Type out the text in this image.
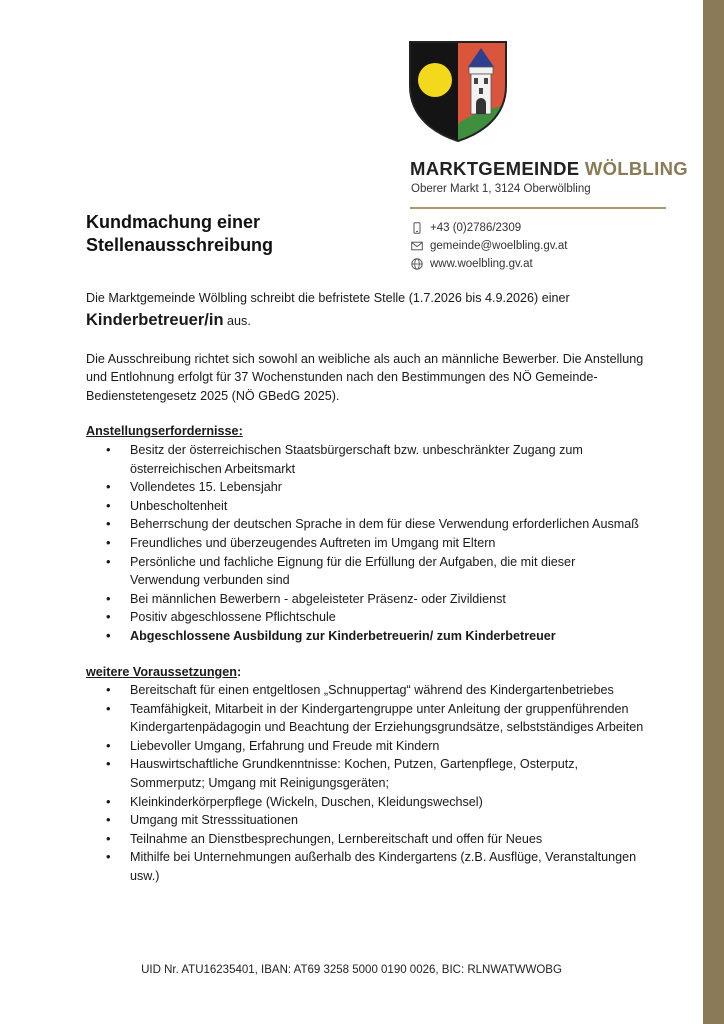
MARKTGEMEINDE WÖLBLING
Oberer Markt 1, 3124 Oberwölbling
+43 (0)2786/2309
gemeinde@woelbling.gv.at
www.woelbling.gv.at
Kundmachung einer
Stellenausschreibung

Die Marktgemeinde Wölbling schreibt die befristete Stelle (1.7.2026 bis 4.9.2026) einer

Kinderbetreuer/in aus.

Die Ausschreibung richtet sich sowohl an weibliche als auch an männliche Bewerber. Die Anstellung und Entlohnung erfolgt für 37 Wochenstunden nach den Bestimmungen des NÖ Gemeinde-Bedienstetengesetz 2025 (NÖ GBedG 2025).

Anstellungserfordernisse:

• Besitz der österreichischen Staatsbürgerschaft bzw. unbeschränkter Zugang zum österreichischen Arbeitsmarkt
• Vollendetes 15. Lebensjahr
• Unbescholtenheit
• Beherrschung der deutschen Sprache in dem für diese Verwendung erforderlichen Ausmaß
• Freundliches und überzeugendes Auftreten im Umgang mit Eltern
• Persönliche und fachliche Eignung für die Erfüllung der Aufgaben, die mit dieser Verwendung verbunden sind
• Bei männlichen Bewerbern - abgeleisteter Präsenz- oder Zivildienst
• Positiv abgeschlossene Pflichtschule
• Abgeschlossene Ausbildung zur Kinderbetreuerin/ zum Kinderbetreuer

weitere Voraussetzungen:

• Bereitschaft für einen entgeltlosen „Schnuppertag“ während des Kindergartenbetriebes
• Teamfähigkeit, Mitarbeit in der Kindergartengruppe unter Anleitung der gruppenführenden Kindergartenpädagogin und Beachtung der Erziehungsgrundsätze, selbstständiges Arbeiten
• Liebevoller Umgang, Erfahrung und Freude mit Kindern
• Hauswirtschaftliche Grundkenntnisse: Kochen, Putzen, Gartenpflege, Osterputz, Sommerputz; Umgang mit Reinigungsgeräten;
• Kleinkinderkörperpflege (Wickeln, Duschen, Kleidungswechsel)
• Umgang mit Stresssituationen
• Teilnahme an Dienstbesprechungen, Lernbereitschaft und offen für Neues
• Mithilfe bei Unternehmungen außerhalb des Kindergartens (z.B. Ausflüge, Veranstaltungen usw.)
UID Nr. ATU16235401, IBAN: AT69 3258 5000 0190 0026, BIC: RLNWATWWOBG
